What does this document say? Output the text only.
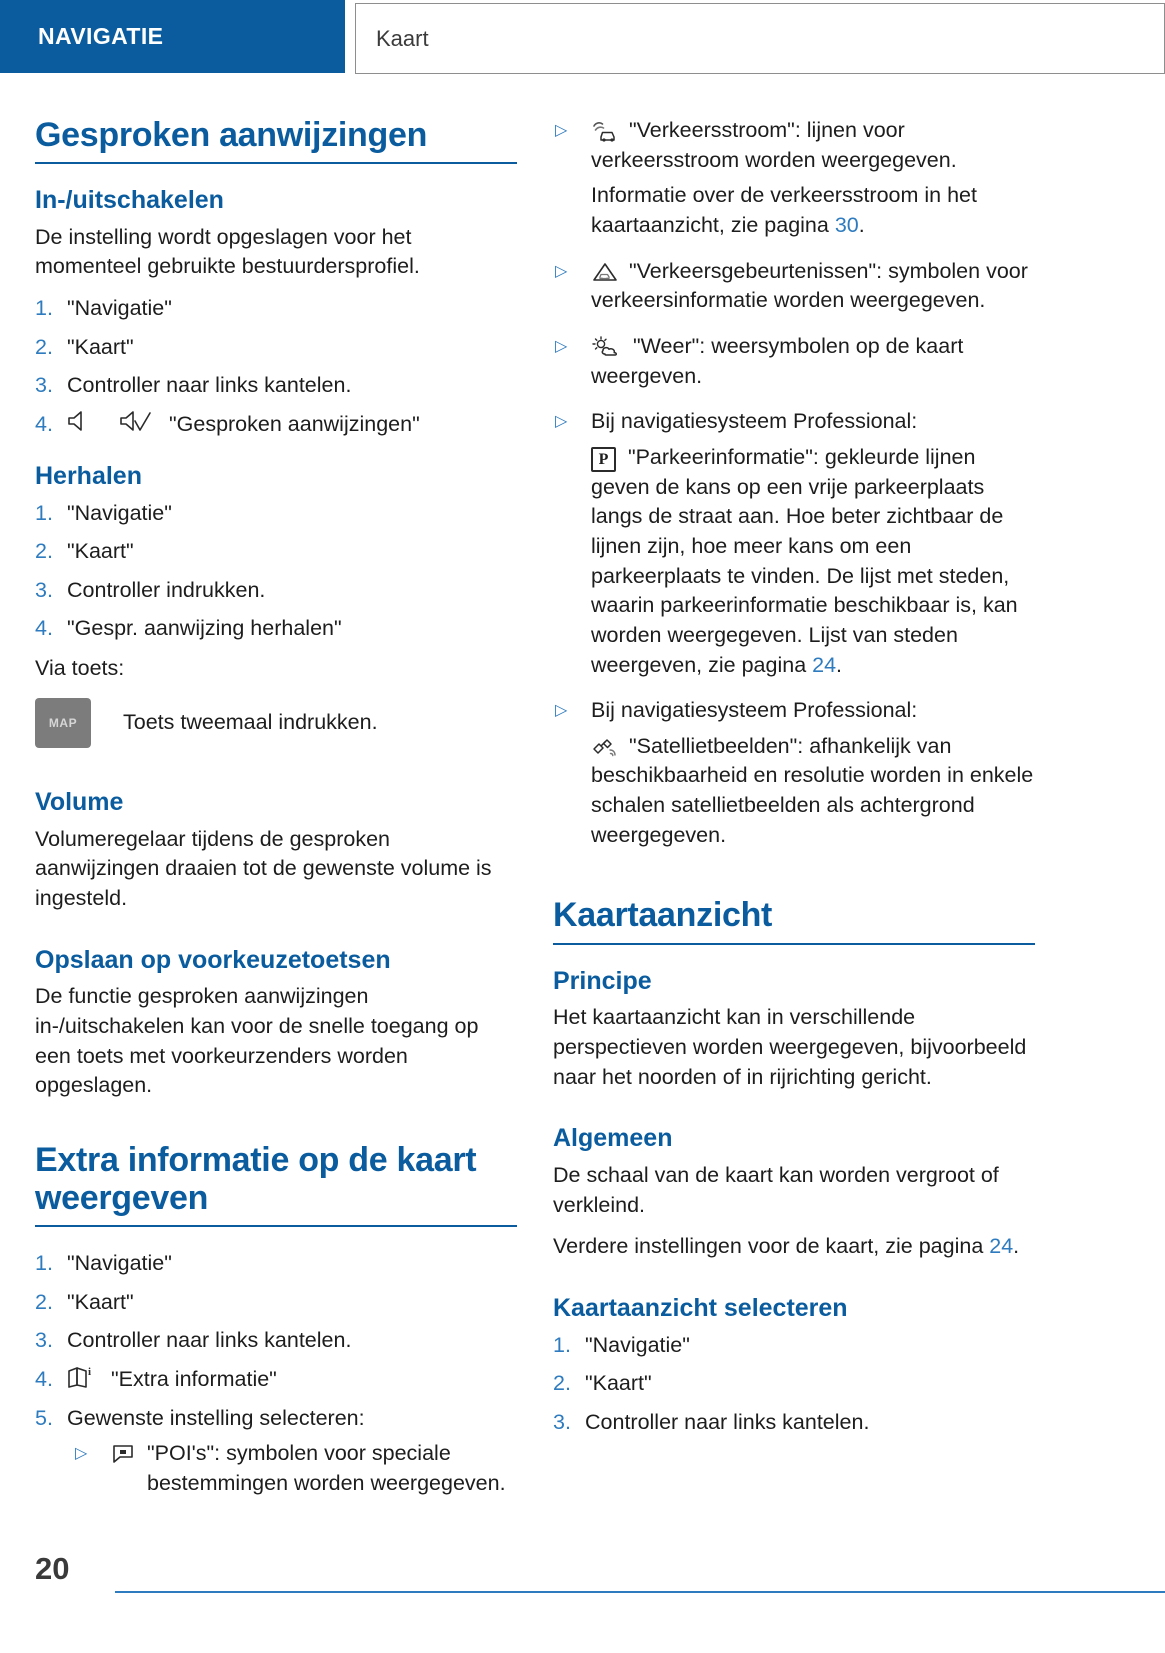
NAVIGATIE	Kaart
Gesproken aanwijzingen
In-/uitschakelen

De instelling wordt opgeslagen voor het momenteel gebruikte bestuurdersprofiel.

1. "Navigatie"
2. "Kaart"
3. Controller naar links kantelen.
4.	"Gesproken aanwijzingen"
Herhalen
1. "Navigatie"
2. "Kaart"
3. Controller indrukken.
4. "Gespr. aanwijzing herhalen"

Via toets:

MAP Toets tweemaal indrukken.
Volume

Volumeregelaar tijdens de gesproken aanwijzingen draaien tot de gewenste volume is ingesteld.

Opslaan op voorkeuzetoetsen

De functie gesproken aanwijzingen in-/uitschakelen kan voor de snelle toegang op een toets met voorkeurzenders worden opgeslagen.

Extra informatie op de kaart weergeven
1. "Navigatie"
2. "Kaart"
3. Controller naar links kantelen.
4.	i "Extra informatie"
5. Gewenste instelling selecteren:
▷	"POI's": symbolen voor speciale bestemmingen worden weergegeven.
▷	"Verkeersstroom": lijnen voor verkeersstroom worden weergegeven.

Informatie over de verkeersstroom in het kaartaanzicht, zie pagina 30.

▷	"Verkeersgebeurtenissen": symbolen voor verkeersinformatie worden weergegeven.

▷	"Weer": weersymbolen op de kaart weergeven.

▷	Bij navigatiesysteem Professional:

P "Parkeerinformatie": gekleurde lijnen geven de kans op een vrije parkeerplaats langs de straat aan. Hoe beter zichtbaar de lijnen zijn, hoe meer kans om een parkeerplaats te vinden. De lijst met steden, waarin parkeerinformatie beschikbaar is, kan worden weergegeven. Lijst van steden weergeven, zie pagina 24.

▷	Bij navigatiesysteem Professional:

"Satellietbeelden": afhankelijk van beschikbaarheid en resolutie worden in enkele schalen satellietbeelden als achtergrond weergegeven.

Kaartaanzicht
Principe

Het kaartaanzicht kan in verschillende perspectieven worden weergegeven, bijvoorbeeld naar het noorden of in rijrichting gericht.

Algemeen

De schaal van de kaart kan worden vergroot of verkleind.

Verdere instellingen voor de kaart, zie pagina 24.

Kaartaanzicht selecteren
1. "Navigatie"
2. "Kaart"
3. Controller naar links kantelen.
20
